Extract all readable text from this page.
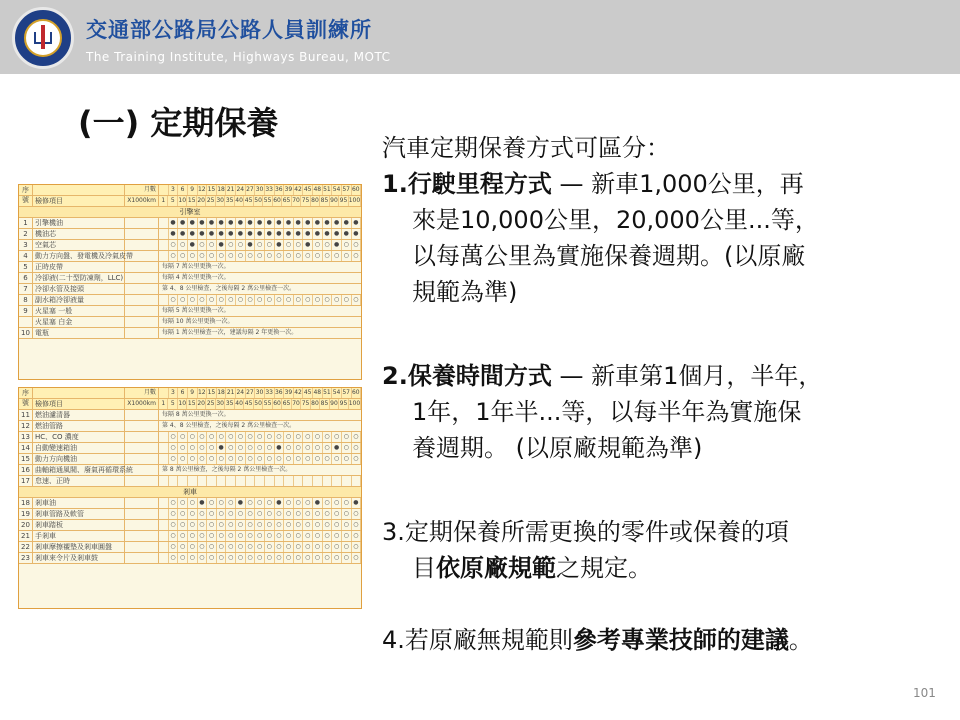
交通部公路局公路人員訓練所
The Training Institute, Highways Bureau, MOTC
(一) 定期保養
序號
月數	3 6 9 12 15 18 21 24 27 30 33 36 39 42 45 48 51 54 57 60
檢修項目	X1000km 1 5 10 15 20 25 30 35 40 45 50 55 60 65 70 75 80 85 90 95 100
引擎室
1	引擎機油	● ● ● ● ● ● ● ● ● ● ● ● ● ● ● ● ● ● ● ●
2	機油芯	● ● ● ● ● ● ● ● ● ● ● ● ● ● ● ● ● ● ● ●
3	空氣芯	○ ○ ● ○ ○ ● ○ ○ ● ○ ○ ● ○ ○ ● ○ ○ ● ○ ○
4	動力方向盤、發電機及冷氣皮帶	○ ○ ○ ○ ○ ○ ○ ○ ○ ○ ○ ○ ○ ○ ○ ○ ○ ○ ○ ○
5	正時皮帶	每隔 7 萬公里更換一次。
6	冷卻液(二十型防凍劑，LLC)	每隔 4 萬公里更換一次。
7	冷卻水管及接頭	第 4、8 公里檢查，之後每隔 2 萬公里檢查一次。
8	副水箱冷卻液量	○ ○ ○ ○ ○ ○ ○ ○ ○ ○ ○ ○ ○ ○ ○ ○ ○ ○ ○ ○
9	火星塞 一般	每隔 5 萬公里更換一次。
火星塞 白金	每隔 10 萬公里更換一次。
10 電瓶	每隔 1 萬公里檢查一次，建議每隔 2 年更換一次。
序號
月數	3 6 9 12 15 18 21 24 27 30 33 36 39 42 45 48 51 54 57 60
檢修項目	X1000km 1 5 10 15 20 25 30 35 40 45 50 55 60 65 70 75 80 85 90 95 100
11 燃油濾清器	每隔 8 萬公里更換一次。
12 燃油管路	第 4、8 公里檢查，之後每隔 2 萬公里檢查一次。
13 HC、CO 濃度	○ ○ ○ ○ ○ ○ ○ ○ ○ ○ ○ ○ ○ ○ ○ ○ ○ ○ ○ ○
14 自動變速箱油	○ ○ ○ ○ ○ ● ○ ○ ○ ○ ○ ● ○ ○ ○ ○ ○ ● ○ ○
15 動力方向機油	○ ○ ○ ○ ○ ○ ○ ○ ○ ○ ○ ○ ○ ○ ○ ○ ○ ○ ○ ○
16 曲軸箱通風閥、廢氣再循環系統	第 8 萬公里檢查，之後每隔 2 萬公里檢查一次。
17 怠速、正時
剎車
18 剎車油	○ ○ ○ ● ○ ○ ○ ● ○ ○ ○ ● ○ ○ ○ ● ○ ○ ○ ●
19 剎車管路及軟管	○ ○ ○ ○ ○ ○ ○ ○ ○ ○ ○ ○ ○ ○ ○ ○ ○ ○ ○ ○
20 剎車踏板	○ ○ ○ ○ ○ ○ ○ ○ ○ ○ ○ ○ ○ ○ ○ ○ ○ ○ ○ ○
21 手剎車	○ ○ ○ ○ ○ ○ ○ ○ ○ ○ ○ ○ ○ ○ ○ ○ ○ ○ ○ ○
22 剎車摩擦襯墊及剎車圓盤	○ ○ ○ ○ ○ ○ ○ ○ ○ ○ ○ ○ ○ ○ ○ ○ ○ ○ ○ ○
23 剎車來令片及剎車鼓	○ ○ ○ ○ ○ ○ ○ ○ ○ ○ ○ ○ ○ ○ ○ ○ ○ ○ ○ ○
汽車定期保養方式可區分：
1.行駛里程方式 — 新車1,000公里，再
來是10,000公里，20,000公里...等，
以每萬公里為實施保養週期。(以原廠
規範為準)
2.保養時間方式 — 新車第1個月，半年，
1年，1年半...等，以每半年為實施保
養週期。 (以原廠規範為準)
3.定期保養所需更換的零件或保養的項
目依原廠規範之規定。
4.若原廠無規範則參考專業技師的建議。
101
